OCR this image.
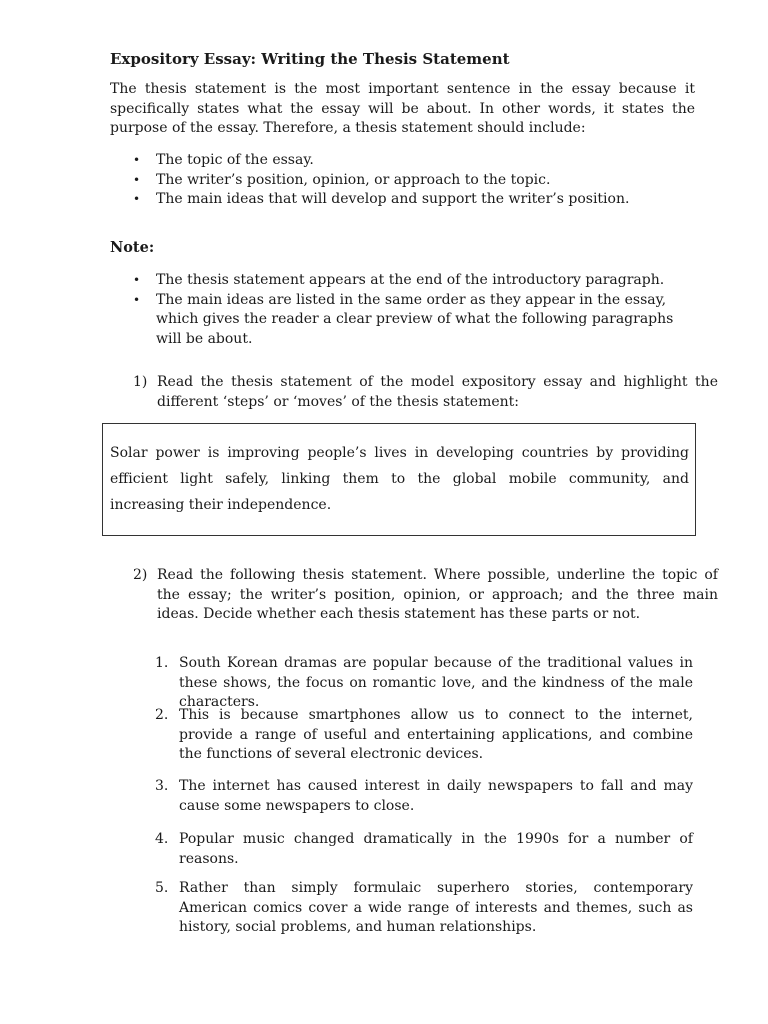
Expository Essay: Writing the Thesis Statement
The thesis statement is the most important sentence in the essay because it specifically states what the essay will be about. In other words, it states the purpose of the essay. Therefore, a thesis statement should include:
• The topic of the essay.
• The writer’s position, opinion, or approach to the topic.
• The main ideas that will develop and support the writer’s position.
Note:
• The thesis statement appears at the end of the introductory paragraph.
• The main ideas are listed in the same order as they appear in the essay, which gives the reader a clear preview of what the following paragraphs will be about.
1) Read the thesis statement of the model expository essay and highlight the different ‘steps’ or ‘moves’ of the thesis statement:
Solar power is improving people’s lives in developing countries by providing efficient light safely, linking them to the global mobile community, and increasing their independence.
2) Read the following thesis statement. Where possible, underline the topic of the essay; the writer’s position, opinion, or approach; and the three main ideas. Decide whether each thesis statement has these parts or not.
1. South Korean dramas are popular because of the traditional values in these shows, the focus on romantic love, and the kindness of the male characters.
2. This is because smartphones allow us to connect to the internet, provide a range of useful and entertaining applications, and combine the functions of several electronic devices.
3. The internet has caused interest in daily newspapers to fall and may cause some newspapers to close.
4. Popular music changed dramatically in the 1990s for a number of reasons.
5. Rather than simply formulaic superhero stories, contemporary American comics cover a wide range of interests and themes, such as history, social problems, and human relationships.
